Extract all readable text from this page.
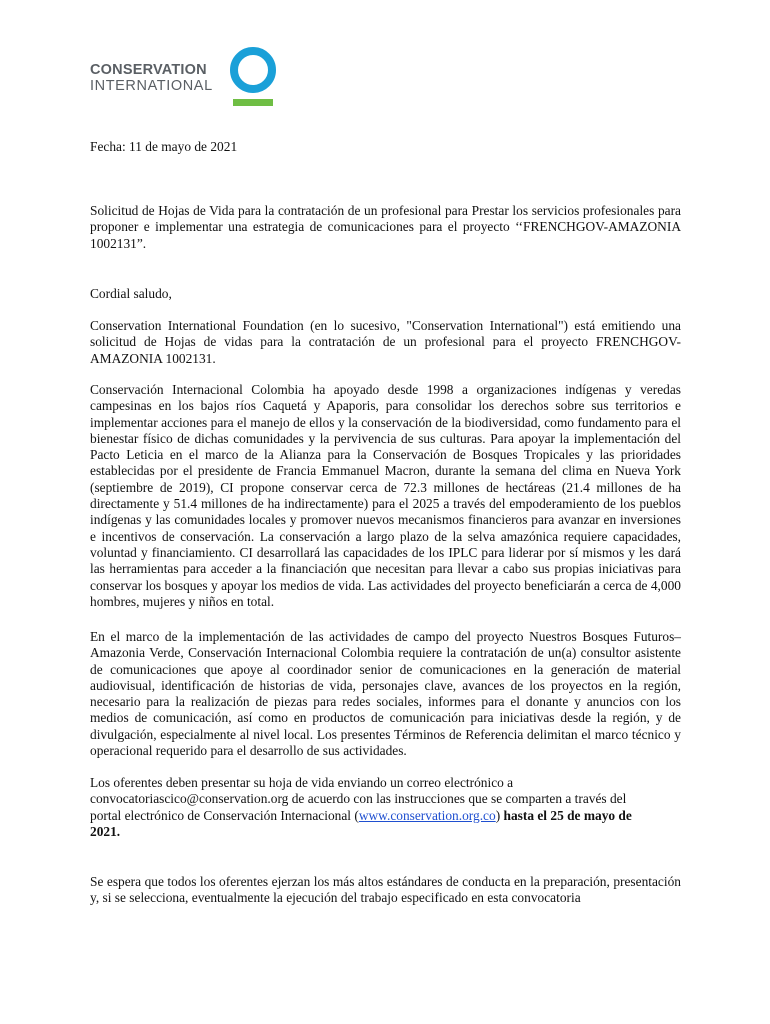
CONSERVATION
INTERNATIONAL
Fecha: 11 de mayo de 2021
Solicitud de Hojas de Vida para la contratación de un profesional para Prestar los servicios profesionales para proponer e implementar una estrategia de comunicaciones para el proyecto ‘‘FRENCHGOV-AMAZONIA 1002131”.
Cordial saludo,
Conservation International Foundation (en lo sucesivo, "Conservation International") está emitiendo una solicitud de Hojas de vidas para la contratación de un profesional para el proyecto FRENCHGOV-AMAZONIA 1002131.
Conservación Internacional Colombia ha apoyado desde 1998 a organizaciones indígenas y veredas campesinas en los bajos ríos Caquetá y Apaporis, para consolidar los derechos sobre sus territorios e implementar acciones para el manejo de ellos y la conservación de la biodiversidad, como fundamento para el bienestar físico de dichas comunidades y la pervivencia de sus culturas. Para apoyar la implementación del Pacto Leticia en el marco de la Alianza para la Conservación de Bosques Tropicales y las prioridades establecidas por el presidente de Francia Emmanuel Macron, durante la semana del clima en Nueva York (septiembre de 2019), CI propone conservar cerca de 72.3 millones de hectáreas (21.4 millones de ha directamente y 51.4 millones de ha indirectamente) para el 2025 a través del empoderamiento de los pueblos indígenas y las comunidades locales y promover nuevos mecanismos financieros para avanzar en inversiones e incentivos de conservación. La conservación a largo plazo de la selva amazónica requiere capacidades, voluntad y financiamiento. CI desarrollará las capacidades de los IPLC para liderar por sí mismos y les dará las herramientas para acceder a la financiación que necesitan para llevar a cabo sus propias iniciativas para conservar los bosques y apoyar los medios de vida. Las actividades del proyecto beneficiarán a cerca de 4,000 hombres, mujeres y niños en total.
En el marco de la implementación de las actividades de campo del proyecto Nuestros Bosques Futuros– Amazonia Verde, Conservación Internacional Colombia requiere la contratación de un(a) consultor asistente de comunicaciones que apoye al coordinador senior de comunicaciones en la generación de material audiovisual, identificación de historias de vida, personajes clave, avances de los proyectos en la región, necesario para la realización de piezas para redes sociales, informes para el donante y anuncios con los medios de comunicación, así como en productos de comunicación para iniciativas desde la región, y de divulgación, especialmente al nivel local. Los presentes Términos de Referencia delimitan el marco técnico y operacional requerido para el desarrollo de sus actividades.
Los oferentes deben presentar su hoja de vida enviando un correo electrónico a
convocatoriascico@conservation.org de acuerdo con las instrucciones que se comparten a través del
portal electrónico de Conservación Internacional (www.conservation.org.co) hasta el 25 de mayo de
2021.
Se espera que todos los oferentes ejerzan los más altos estándares de conducta en la preparación, presentación y, si se selecciona, eventualmente la ejecución del trabajo especificado en esta convocatoria
